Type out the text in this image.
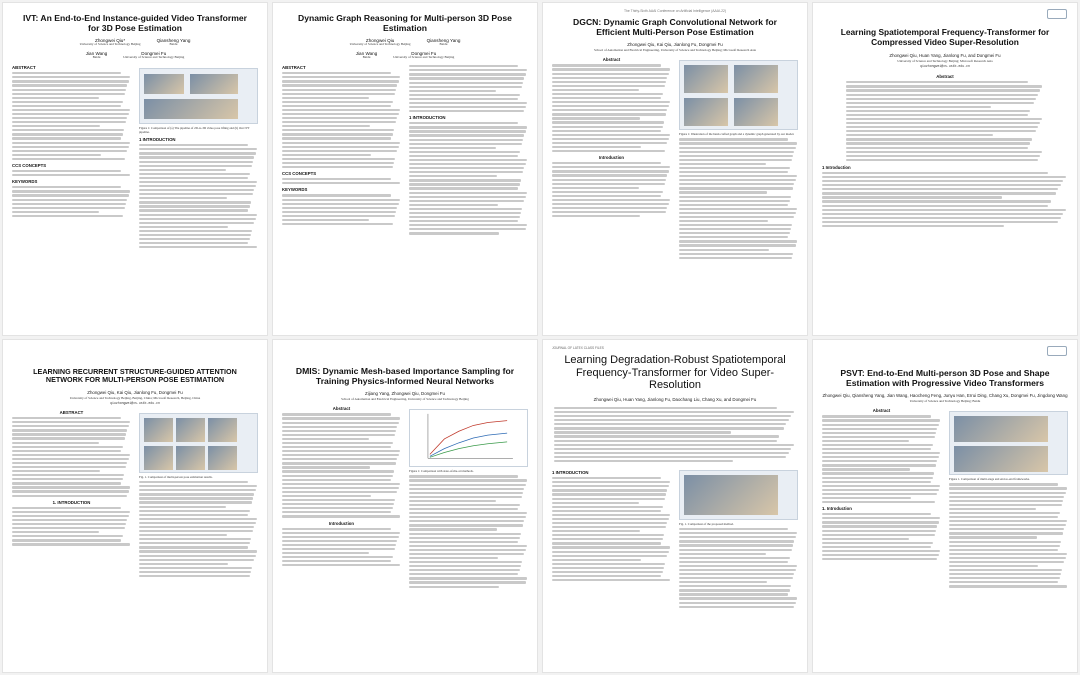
IVT: An End-to-End Instance-guided Video Transformer for 3D Pose Estimation
Zhongwei Qiu*
University of Science and Technology Beijing
Qiansheng Yang
Baidu
Jian Wang
Baidu
Dongmei Fu
University of Science and Technology Beijing
ABSTRACT
CCS CONCEPTS
KEYWORDS
Figure 1: Comparison of (a) The pipeline of 2D-to-3D video pose lifting and (b) Our IVT pipeline.
1 INTRODUCTION
Dynamic Graph Reasoning for Multi-person 3D Pose Estimation
Zhongwei Qiu
University of Science and Technology Beijing
Qiansheng Yang
Baidu
Jian Wang
Baidu
Dongmei Fu
University of Science and Technology Beijing
ABSTRACT
CCS CONCEPTS
KEYWORDS
1 INTRODUCTION
The Thirty-Sixth AAAI Conference on Artificial Intelligence (AAAI-22)
DGCN: Dynamic Graph Convolutional Network for Efficient Multi-Person Pose Estimation
Zhongwei Qiu, Kai Qiu, Jianlong Fu, Dongmei Fu
School of Automation and Electrical Engineering, University of Science and Technology Beijing; Microsoft Research Asia
Abstract
Introduction
Figure 1: Illustration of the hand-crafted graph and a dynamic graph generated by our model.
Learning Spatiotemporal Frequency-Transformer for Compressed Video Super-Resolution
Zhongwei Qiu, Huan Yang, Jianlong Fu, and Dongmei Fu
University of Science and Technology Beijing; Microsoft Research Asia
qiuzhongwei@xs.ustb.edu.cn
Abstract
1 Introduction
LEARNING RECURRENT STRUCTURE-GUIDED ATTENTION NETWORK FOR MULTI-PERSON POSE ESTIMATION
Zhongwei Qiu, Kai Qiu, Jianlong Fu, Dongmei Fu
University of Science and Technology Beijing, Beijing, China; Microsoft Research, Beijing, China
qiuzhongwei@xs.ustb.edu.cn
ABSTRACT
1. INTRODUCTION
Fig. 1. Comparison of multi-person pose estimation results.
DMIS: Dynamic Mesh-based Importance Sampling for Training Physics-Informed Neural Networks
Zijiang Yang, Zhongwei Qiu, Dongmei Fu
School of Automation and Electrical Engineering, University of Science and Technology Beijing
Abstract
Introduction
Figure 1: Comparison with state-of-the-art methods.
JOURNAL OF LATEX CLASS FILES
Learning Degradation-Robust Spatiotemporal Frequency-Transformer for Video Super-Resolution
Zhongwei Qiu, Huan Yang, Jianlong Fu, Daochang Liu, Chang Xu, and Dongmei Fu
1 INTRODUCTION
Fig. 1. Comparison of the proposed method.
PSVT: End-to-End Multi-person 3D Pose and Shape Estimation with Progressive Video Transformers
Zhongwei Qiu, Qiansheng Yang, Jian Wang, Haocheng Feng, Junyu Han, Errui Ding, Chang Xu, Dongmei Fu, Jingdong Wang
University of Science and Technology Beijing; Baidu
Abstract
1. Introduction
Figure 1. Comparison of multi-stage and end-to-end frameworks.
